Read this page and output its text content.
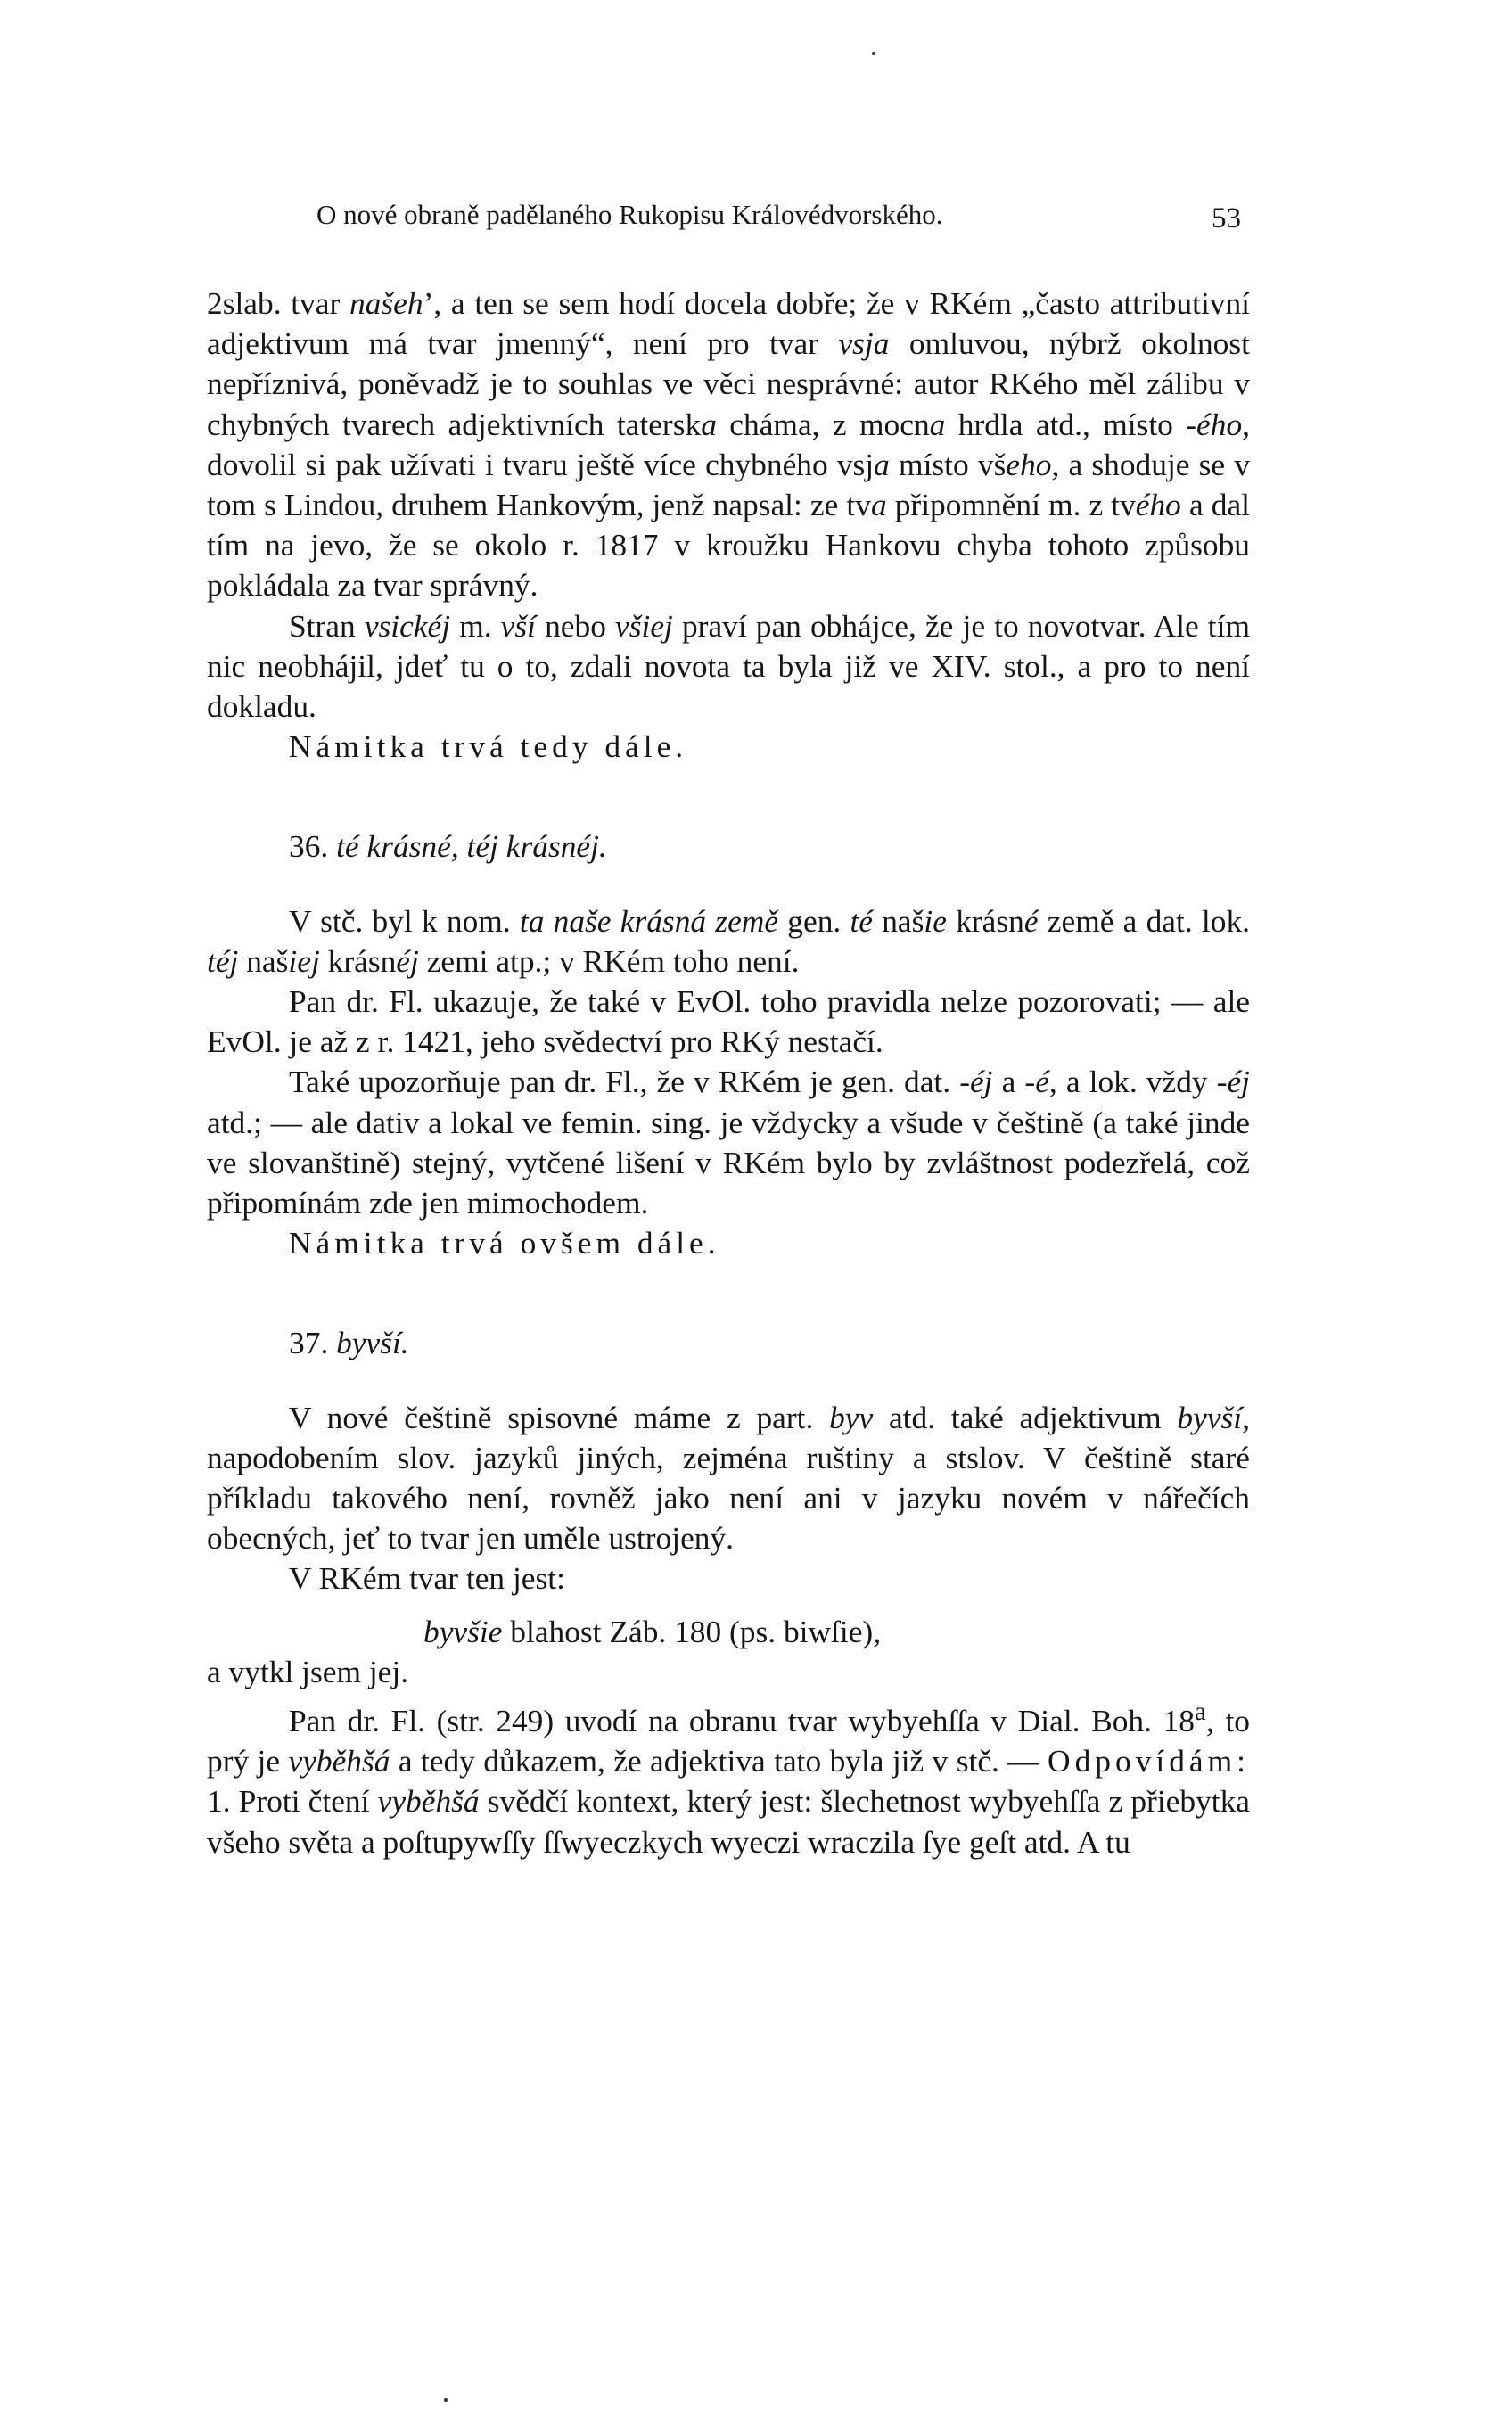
O nové obraně padělaného Rukopisu Královédvorského.	53

2slab. tvar našeh’, a ten se sem hodí docela dobře; že v RKém „často attributivní adjektivum má tvar jmenný“, není pro tvar vsja omluvou, nýbrž okolnost nepříznivá, poněvadž je to souhlas ve věci nesprávné: autor RKého měl zálibu v chybných tvarech adjektivních taterska chámа, z mocna hrdla atd., místo -ého, dovolil si pak užívati i tvaru ještě více chybného vsja místo všeho, a shoduje se v tom s Lindou, druhem Hankovým, jenž napsal: ze tva připomnění m. z tvého a dal tím na jevo, že se okolo r. 1817 v kroužku Hankovu chyba tohoto způsobu pokládala za tvar správný.

Stran vsickéj m. vší nebo všiej praví pan obhájce, že je to novotvar. Ale tím nic neobhájil, jdeť tu o to, zdali novota ta byla již ve XIV. stol., a pro to není dokladu.

Námitka trvá tedy dále.

36. té krásné, téj krásnéj.

V stč. byl k nom. ta naše krásná země gen. té našie krásné země a dat. lok. téj našiej krásnéj zemi atp.; v RKém toho není.

Pan dr. Fl. ukazuje, že také v EvOl. toho pravidla nelze pozorovati; — ale EvOl. je až z r. 1421, jeho svědectví pro RKý nestačí.

Také upozorňuje pan dr. Fl., že v RKém je gen. dat. -éj a -é, a lok. vždy -éj atd.; — ale dativ a lokal ve femin. sing. je vždycky a všude v češtině (a také jinde ve slovanštině) stejný, vytčené lišení v RKém bylo by zvláštnost podezřelá, což připomínám zde jen mimochodem.

Námitka trvá ovšem dále.

37. byvší.

V nové češtině spisovné máme z part. byv atd. také adjektivum byvší, napodobením slov. jazyků jiných, zejména ruštiny a stslov. V češtině staré příkladu takového není, rovněž jako není ani v jazyku novém v nářečích obecných, jeť to tvar jen uměle ustrojený.

V RKém tvar ten jest:

byvšie blahost Záb. 180 (ps. biwſie),

a vytkl jsem jej.

Pan dr. Fl. (str. 249) uvodí na obranu tvar wybyehſſa v Dial. Boh. 18$^a$, to prý je vyběhšá a tedy důkazem, že adjektiva tato byla již v stč. — Odpovídám: 1. Proti čtení vyběhšá svědčí kontext, který jest: šlechetnost wybyehſſa z přiebytka všeho světa a poſtupywſſy ſſwyeczkych wyeczi wraczila ſye geſt atd. A tu
